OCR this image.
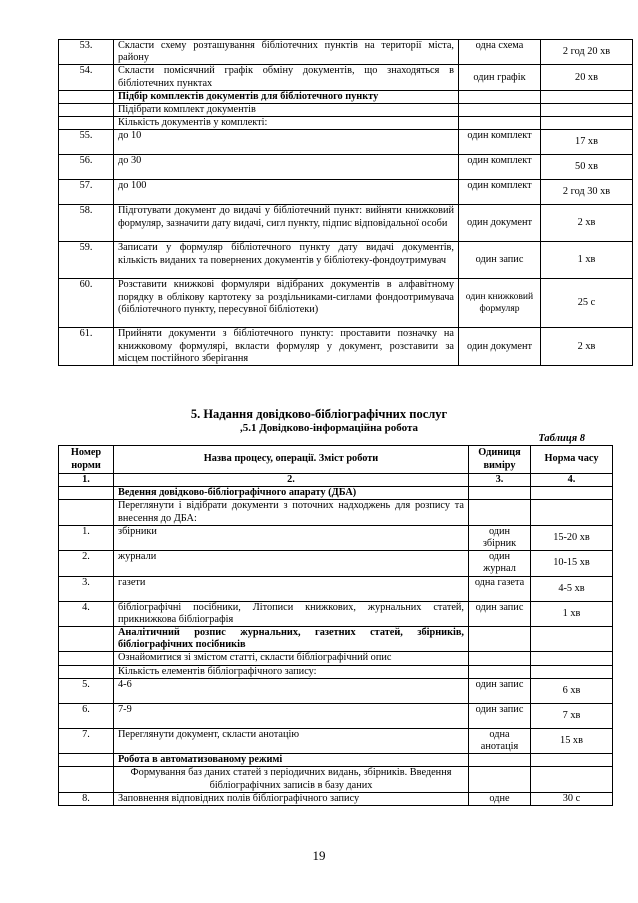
53.	Скласти схему розташування бібліотечних пунктів на території міста, району	одна схема	2 год 20 хв
54.	Скласти помісячний графік обміну документів, що знаходяться в бібліотечних пунктах	один графік	20 хв
	Підбір комплектів документів для бібліотечного пункту		
	Підібрати комплект документів		
	Кількість документів у комплекті:		
55.	до 10	один комплект	17 хв
56.	до 30	один комплект	50 хв
57.	до 100	один комплект	2 год 30 хв
58.	Підготувати документ до видачі у бібліотечний пункт: вийняти книжковий формуляр, зазначити дату видачі, сигл пункту, підпис відповідальної особи	один документ	2 хв
59.	Записати у формуляр бібліотечного пункту дату видачі документів, кількість виданих та повернених документів у бібліотеку-фондоутримувач	один запис	1 хв
60.	Розставити книжкові формуляри відібраних документів в алфавітному порядку в облікову картотеку за роздільниками-сиглами фондоотримувача (бібліотечного пункту, пересувної бібліотеки)	один книжковий формуляр	25 с
61.	Прийняти документи з бібліотечного пункту: проставити позначку на книжковому формулярі, вкласти формуляр у документ, розставити за місцем постійного зберігання	один документ	2 хв
5. Надання довідково-бібліографічних послуг
,5.1 Довідково-інформаційна робота
Таблиця 8
Номер норми	Назва процесу, операції. Зміст роботи	Одиниця виміру	Норма часу
1.	2.	3.	4.
	Ведення довідково-бібліографічного апарату (ДБА)		
	Переглянути і відібрати документи з поточних надходжень для розпису та внесення до ДБА:		
1.	збірники	один збірник	15-20 хв
2.	журнали	один журнал	10-15 хв
3.	газети	одна газета	4-5 хв
4.	бібліографічні посібники, Літописи книжкових, журнальних статей, прикнижкова бібліографія	один запис	1 хв
	Аналітичний розпис журнальних, газетних статей, збірників, бібліографічних посібників		
	Ознайомитися зі змістом статті, скласти бібліографічний опис		
	Кількість елементів бібліографічного запису:		
5.	4-6	один запис	6 хв
6.	7-9	один запис	7 хв
7.	Переглянути документ, скласти анотацію	одна анотація	15 хв
	Робота в автоматизованому режимі		
	Формування баз даних статей з періодичних видань, збірників. Введення бібліографічних записів в базу даних		
8.	Заповнення відповідних полів бібліографічного запису	одне	30 с
19
